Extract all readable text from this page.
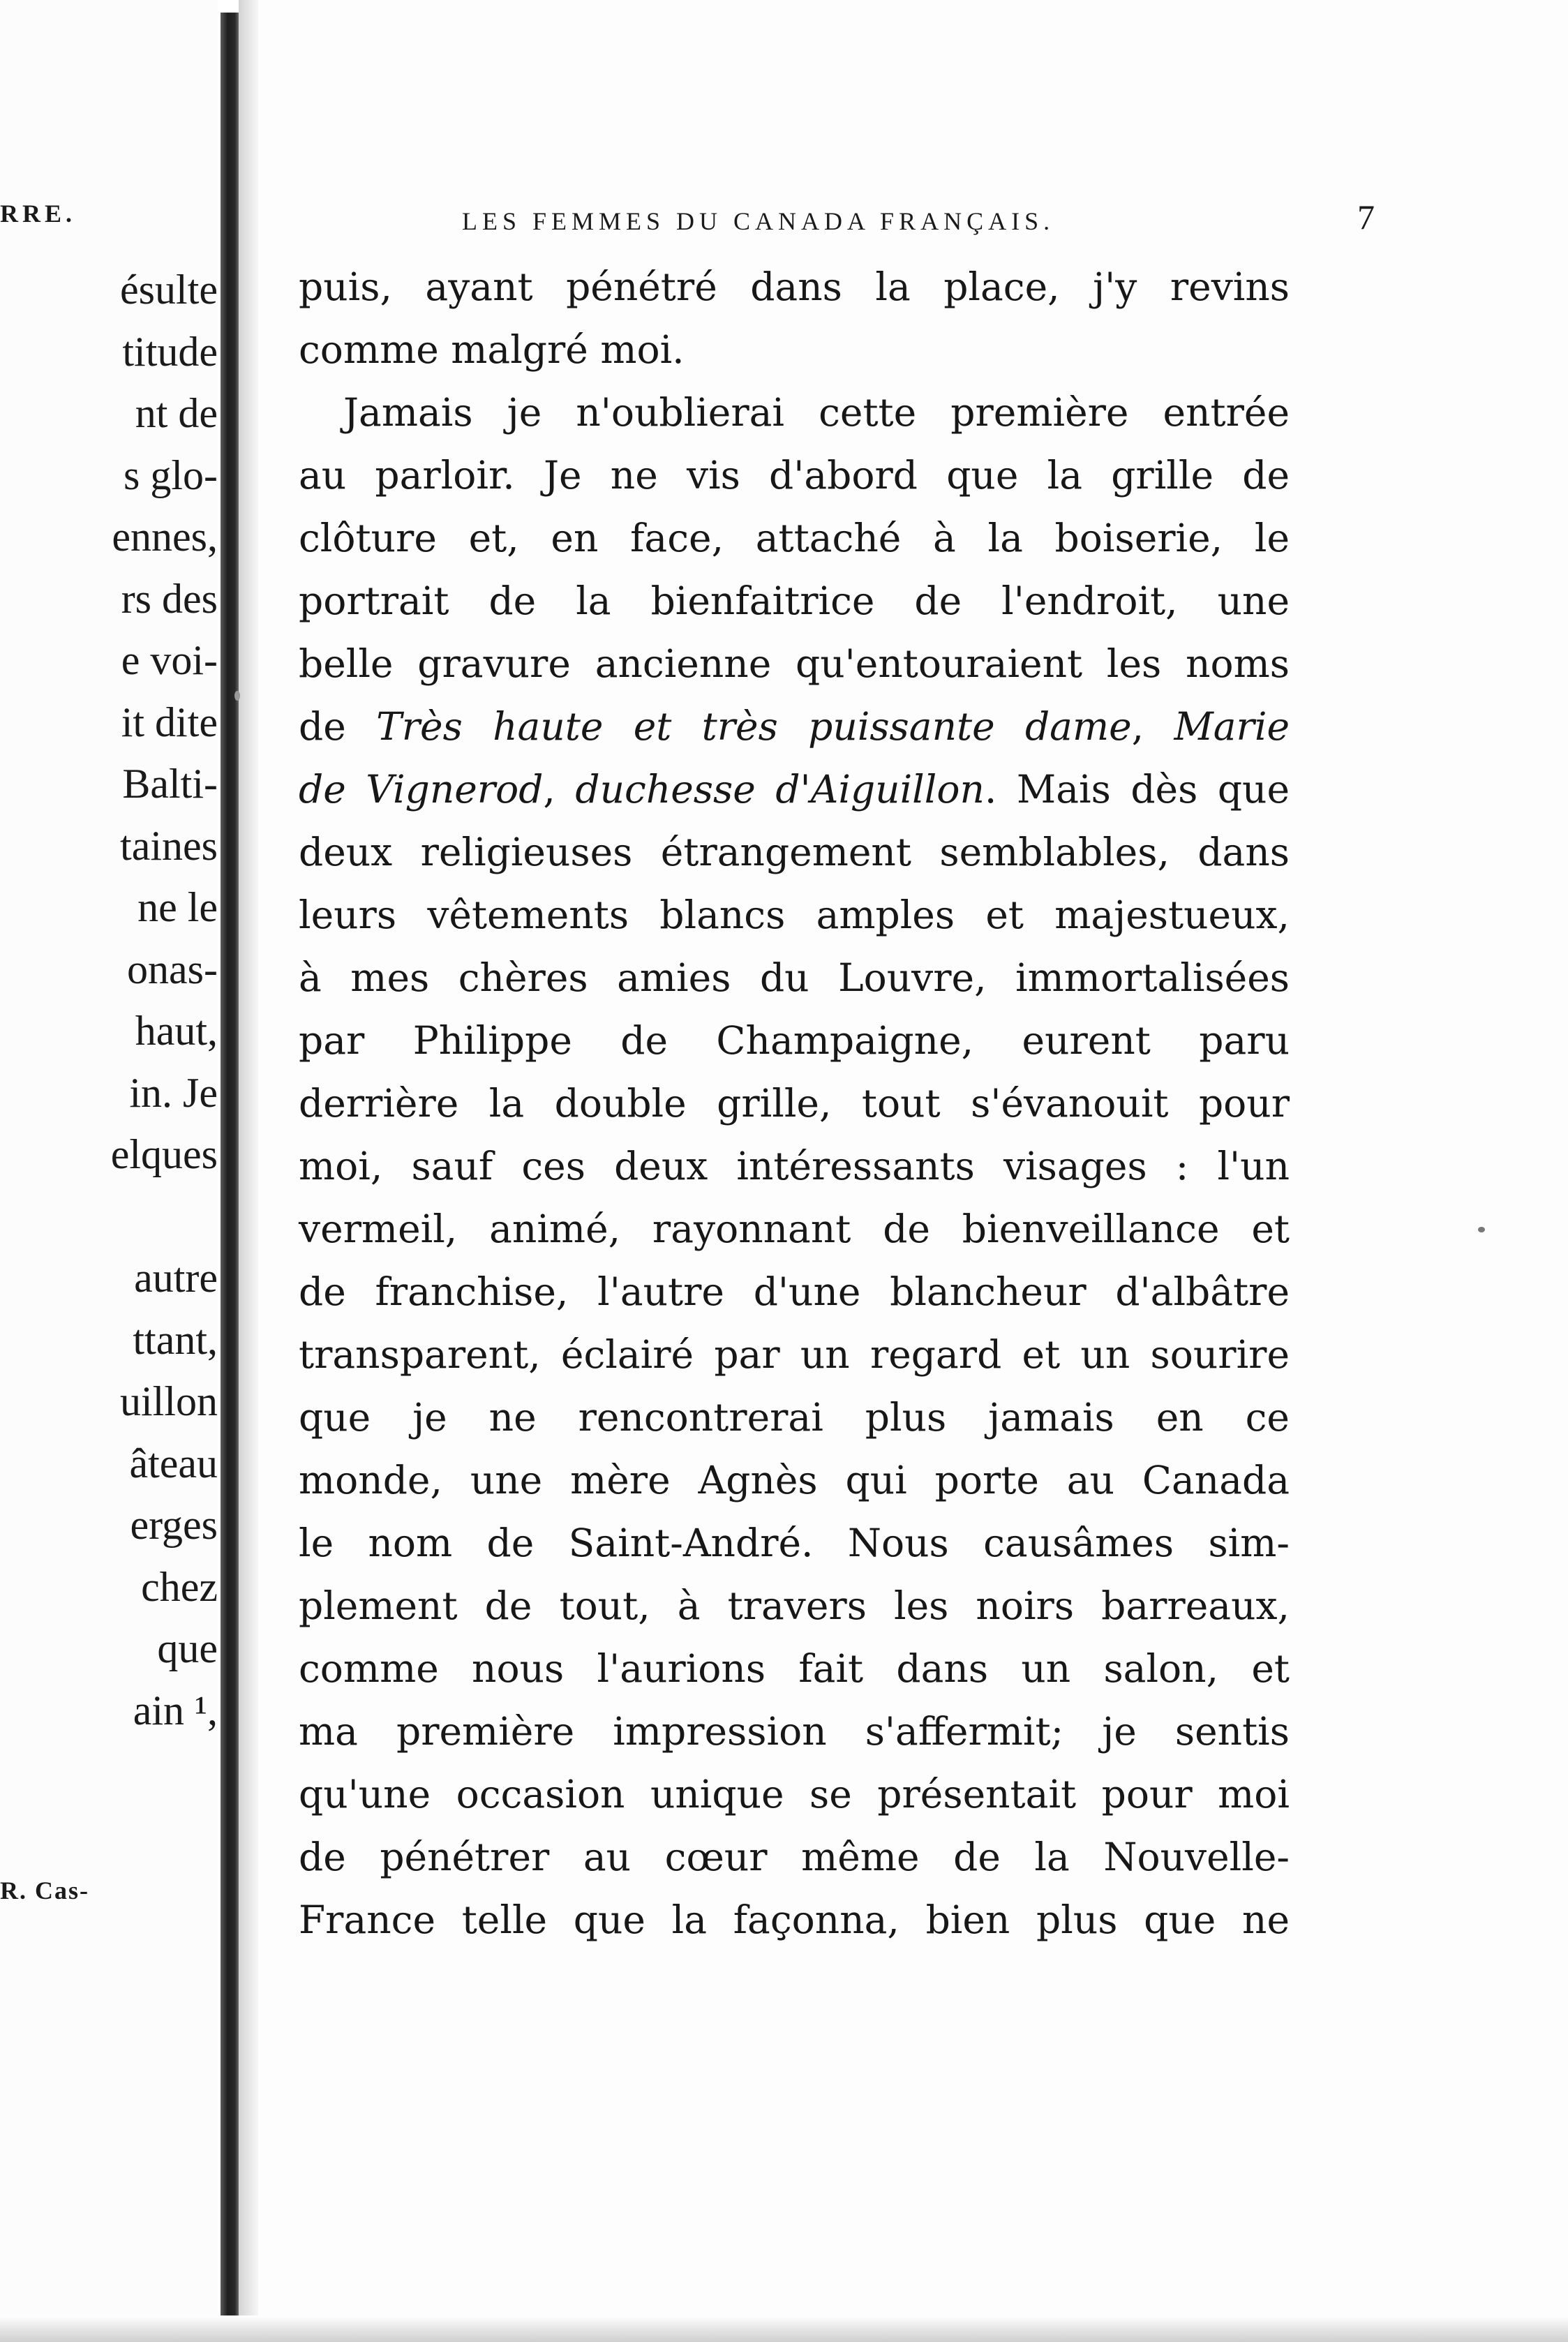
RRE.
ésulte
titude
nt de
s glo-
ennes,
rs des
e voi-
it dite
Balti-
taines
ne le
onas-
haut,
in. Je
elques
autre
ttant,
uillon
âteau
erges
chez
que
ain ¹,
R. Cas-
LES FEMMES DU CANADA FRANÇAIS.	7
puis, ayant pénétré dans la place, j'y revins
comme malgré moi.
Jamais je n'oublierai cette première entrée
au parloir. Je ne vis d'abord que la grille de
clôture et, en face, attaché à la boiserie, le
portrait de la bienfaitrice de l'endroit, une
belle gravure ancienne qu'entouraient les noms
de Très haute et très puissante dame, Marie
de Vignerod, duchesse d'Aiguillon. Mais dès que
deux religieuses étrangement semblables, dans
leurs vêtements blancs amples et majestueux,
à mes chères amies du Louvre, immortalisées
par Philippe de Champaigne, eurent paru
derrière la double grille, tout s'évanouit pour
moi, sauf ces deux intéressants visages : l'un
vermeil, animé, rayonnant de bienveillance et
de franchise, l'autre d'une blancheur d'albâtre
transparent, éclairé par un regard et un sourire
que je ne rencontrerai plus jamais en ce
monde, une mère Agnès qui porte au Canada
le nom de Saint-André. Nous causâmes sim-
plement de tout, à travers les noirs barreaux,
comme nous l'aurions fait dans un salon, et
ma première impression s'affermit; je sentis
qu'une occasion unique se présentait pour moi
de pénétrer au cœur même de la Nouvelle-
France telle que la façonna, bien plus que ne
